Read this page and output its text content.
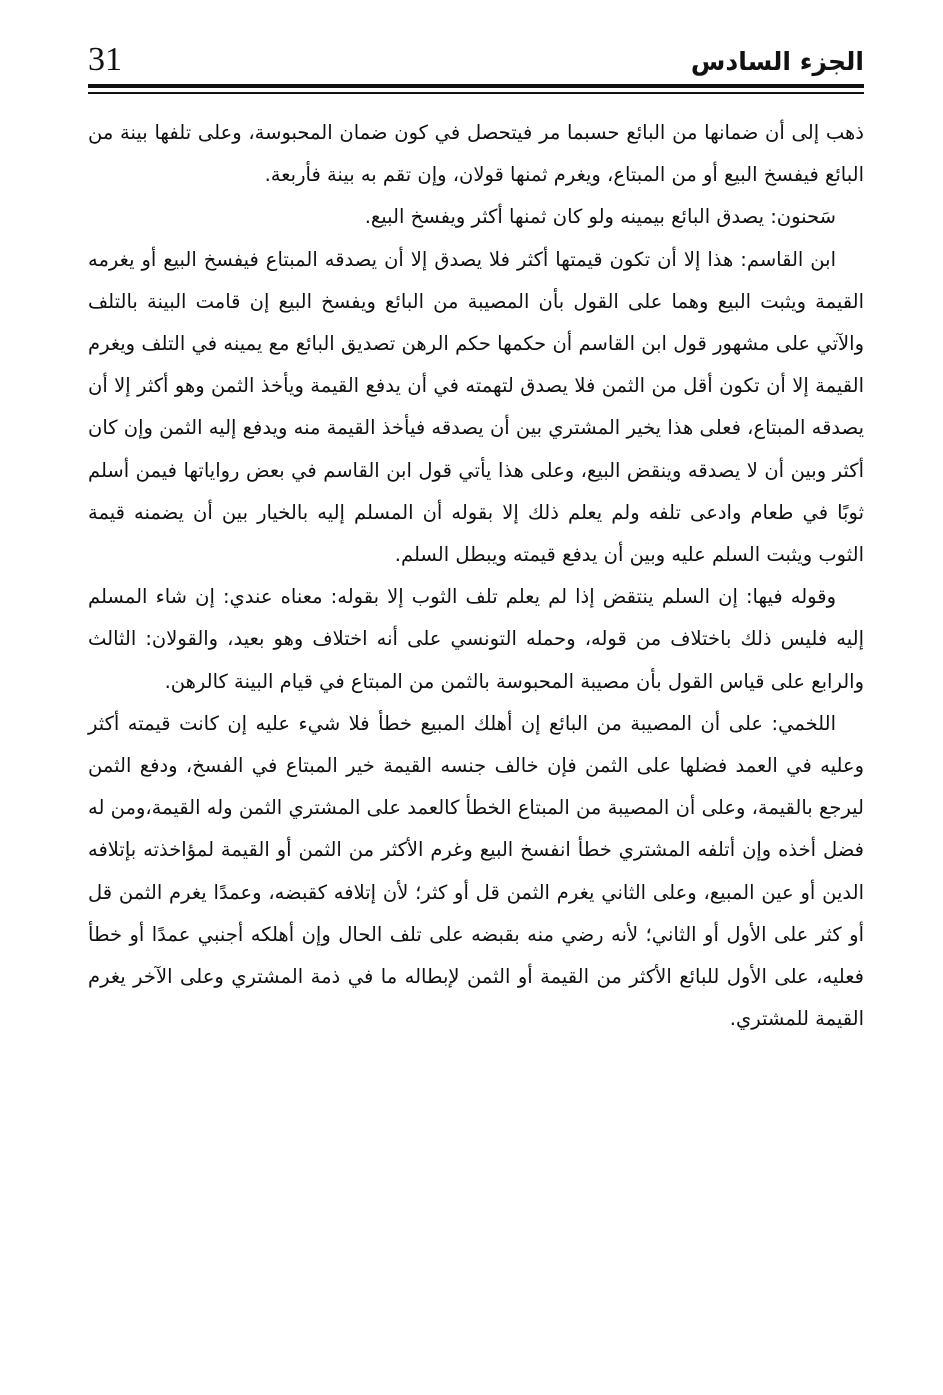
31	الجزء السادس

ذهب إلى أن ضمانها من البائع حسبما مر فيتحصل في كون ضمان المحبوسة، وعلى تلفها بينة من البائع فيفسخ البيع أو من المبتاع، ويغرم ثمنها قولان، وإن تقم به بينة فأربعة.

سَحنون: يصدق البائع بيمينه ولو كان ثمنها أكثر ويفسخ البيع.

ابن القاسم: هذا إلا أن تكون قيمتها أكثر فلا يصدق إلا أن يصدقه المبتاع فيفسخ البيع أو يغرمه القيمة ويثبت البيع وهما على القول بأن المصيبة من البائع ويفسخ البيع إن قامت البينة بالتلف والآتي على مشهور قول ابن القاسم أن حكمها حكم الرهن تصديق البائع مع يمينه في التلف ويغرم القيمة إلا أن تكون أقل من الثمن فلا يصدق لتهمته في أن يدفع القيمة ويأخذ الثمن وهو أكثر إلا أن يصدقه المبتاع، فعلى هذا يخير المشتري بين أن يصدقه فيأخذ القيمة منه ويدفع إليه الثمن وإن كان أكثر وبين أن لا يصدقه وينقض البيع، وعلى هذا يأتي قول ابن القاسم في بعض رواياتها فيمن أسلم ثوبًا في طعام وادعى تلفه ولم يعلم ذلك إلا بقوله أن المسلم إليه بالخيار بين أن يضمنه قيمة الثوب ويثبت السلم عليه وبين أن يدفع قيمته ويبطل السلم.

وقوله فيها: إن السلم ينتقض إذا لم يعلم تلف الثوب إلا بقوله: معناه عندي: إن شاء المسلم إليه فليس ذلك باختلاف من قوله، وحمله التونسي على أنه اختلاف وهو بعيد، والقولان: الثالث والرابع على قياس القول بأن مصيبة المحبوسة بالثمن من المبتاع في قيام البينة كالرهن.

اللخمي: على أن المصيبة من البائع إن أهلك المبيع خطأ فلا شيء عليه إن كانت قيمته أكثر وعليه في العمد فضلها على الثمن فإن خالف جنسه القيمة خير المبتاع في الفسخ، ودفع الثمن ليرجع بالقيمة، وعلى أن المصيبة من المبتاع الخطأ كالعمد على المشتري الثمن وله القيمة،ومن له فضل أخذه وإن أتلفه المشتري خطأ انفسخ البيع وغرم الأكثر من الثمن أو القيمة لمؤاخذته بإتلافه الدين أو عين المبيع، وعلى الثاني يغرم الثمن قل أو كثر؛ لأن إتلافه كقبضه، وعمدًا يغرم الثمن قل أو كثر على الأول أو الثاني؛ لأنه رضي منه بقبضه على تلف الحال وإن أهلكه أجنبي عمدًا أو خطأ فعليه، على الأول للبائع الأكثر من القيمة أو الثمن لإبطاله ما في ذمة المشتري وعلى الآخر يغرم القيمة للمشتري.
